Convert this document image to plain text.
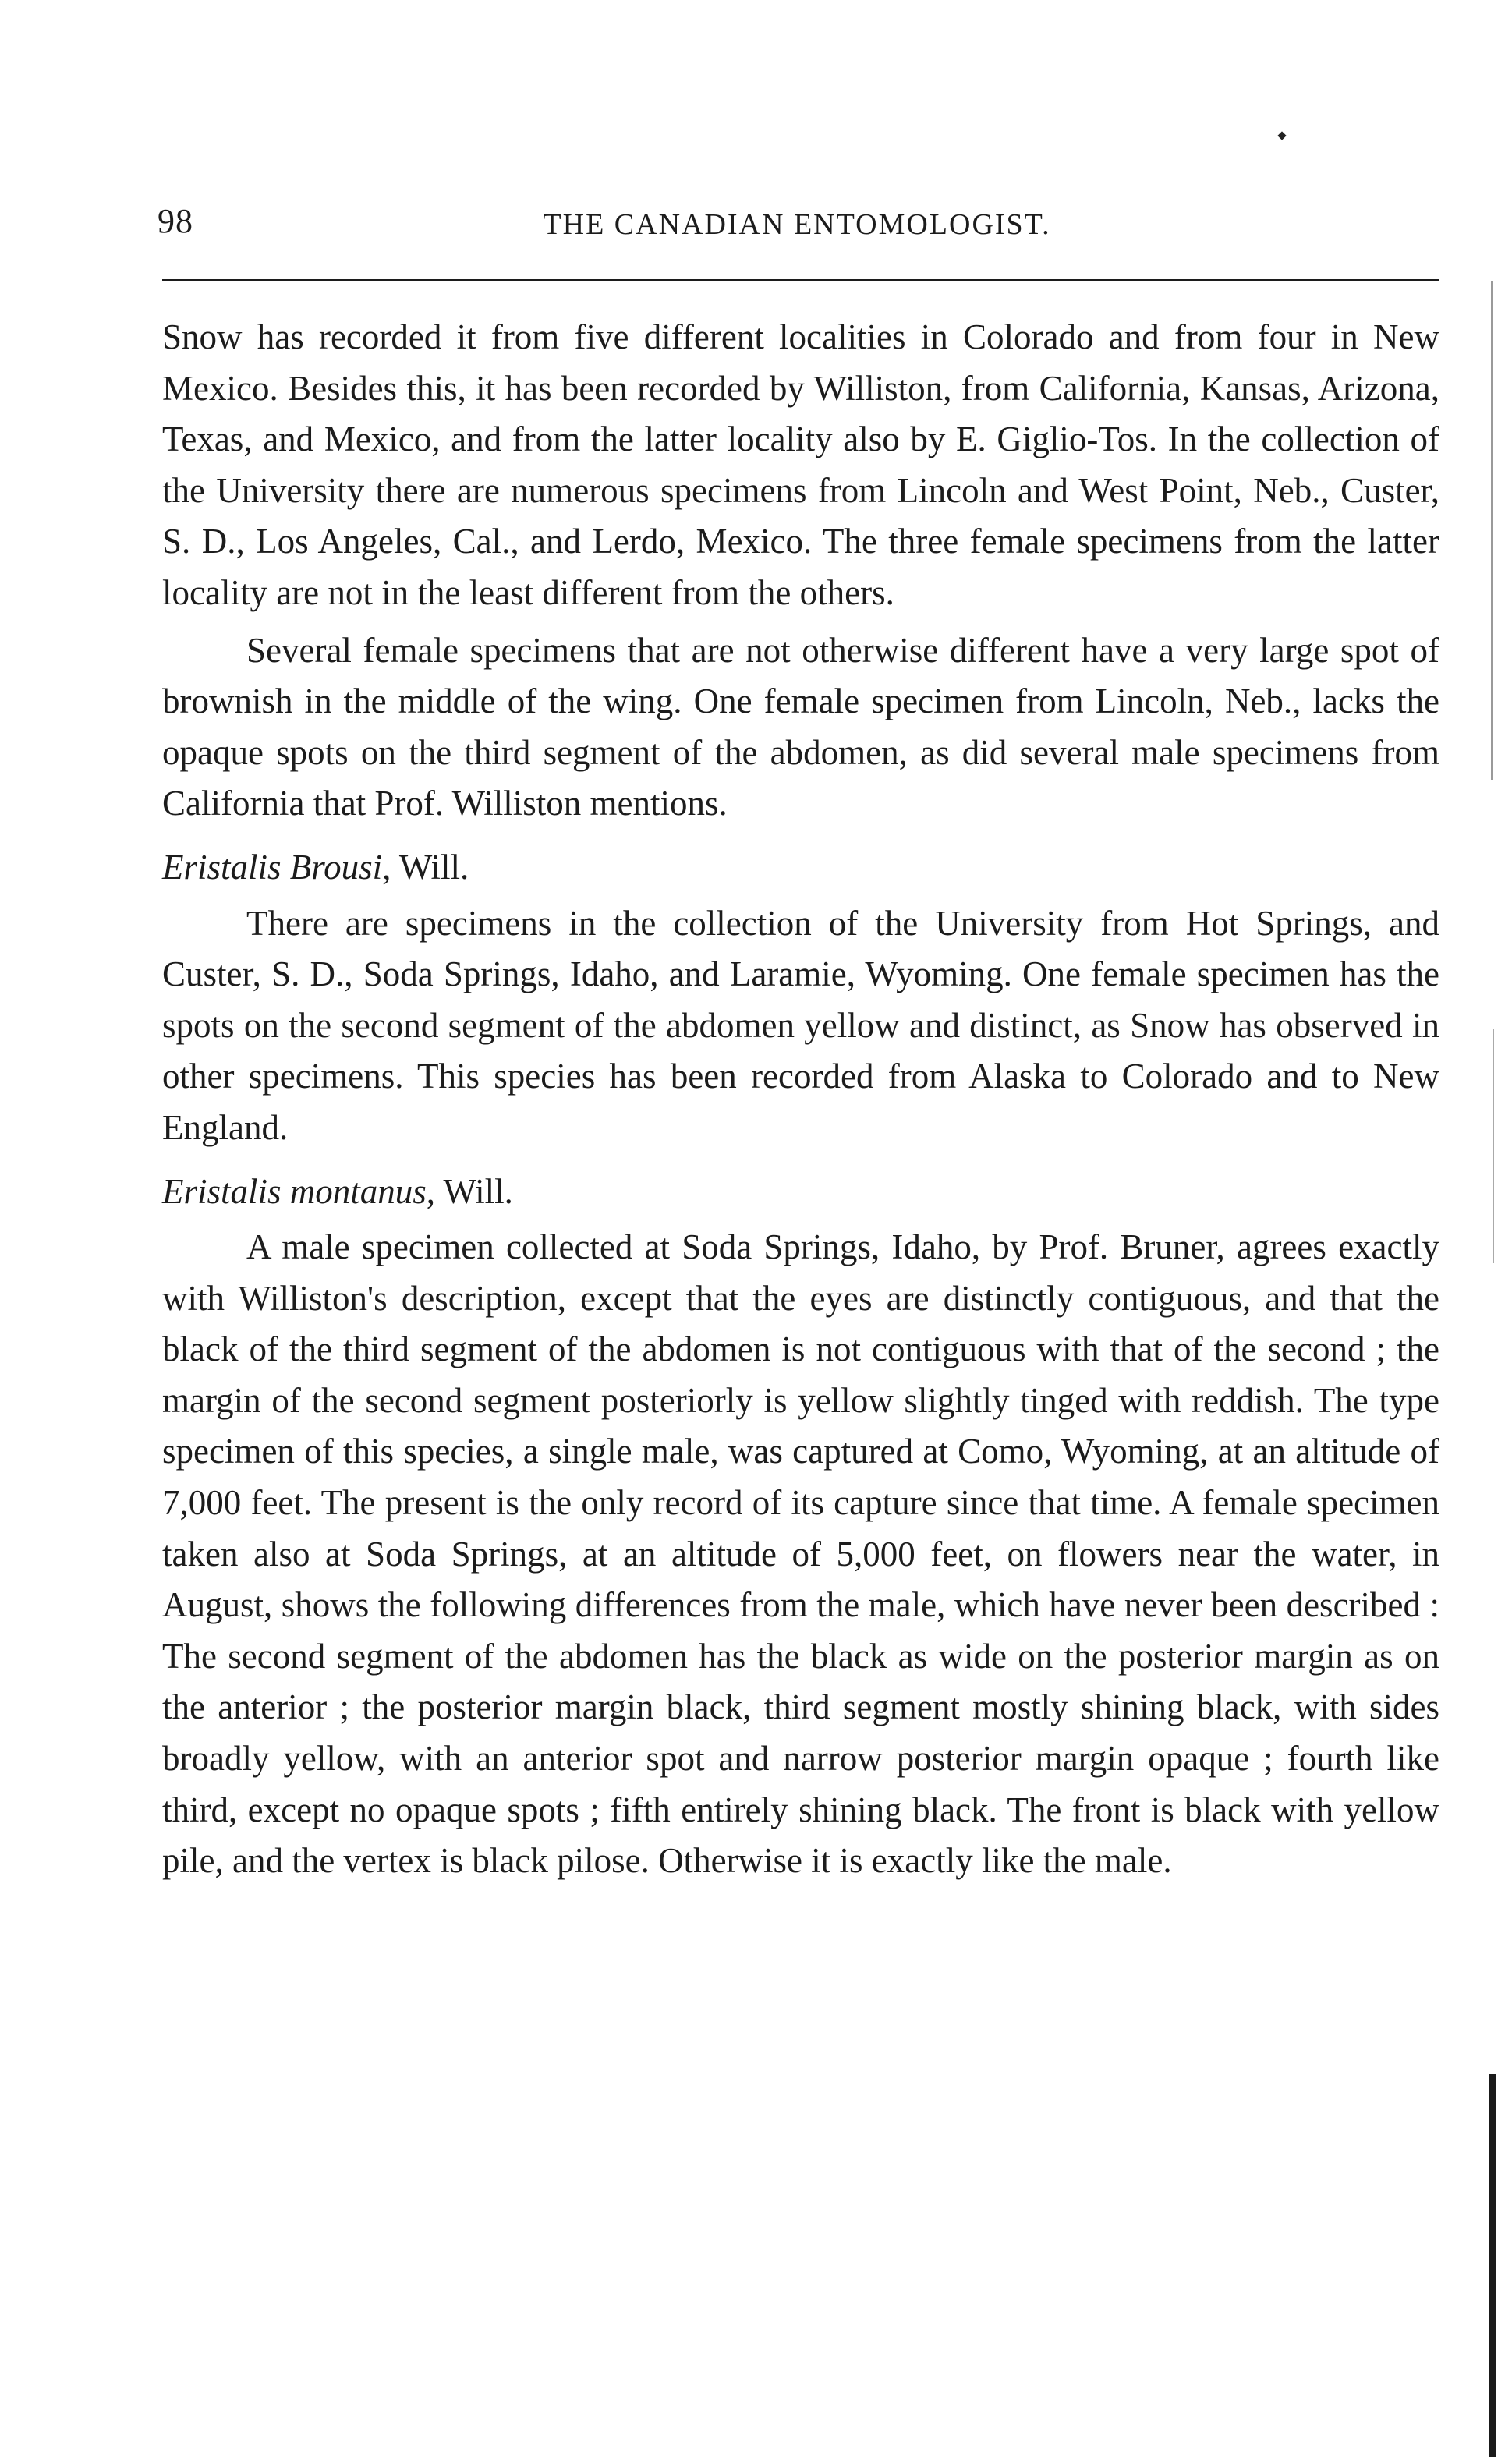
98	THE CANADIAN ENTOMOLOGIST.

Snow has recorded it from five different localities in Colorado and from four in New Mexico. Besides this, it has been recorded by Williston, from California, Kansas, Arizona, Texas, and Mexico, and from the latter locality also by E. Giglio-Tos. In the collection of the University there are numerous specimens from Lincoln and West Point, Neb., Custer, S. D., Los Angeles, Cal., and Lerdo, Mexico. The three female specimens from the latter locality are not in the least different from the others.

Several female specimens that are not otherwise different have a very large spot of brownish in the middle of the wing. One female specimen from Lincoln, Neb., lacks the opaque spots on the third segment of the abdomen, as did several male specimens from California that Prof. Williston mentions.

Eristalis Brousi, Will.

There are specimens in the collection of the University from Hot Springs, and Custer, S. D., Soda Springs, Idaho, and Laramie, Wyoming. One female specimen has the spots on the second segment of the abdomen yellow and distinct, as Snow has observed in other specimens. This species has been recorded from Alaska to Colorado and to New England.

Eristalis montanus, Will.

A male specimen collected at Soda Springs, Idaho, by Prof. Bruner, agrees exactly with Williston's description, except that the eyes are distinctly contiguous, and that the black of the third segment of the abdomen is not contiguous with that of the second ; the margin of the second segment posteriorly is yellow slightly tinged with reddish. The type specimen of this species, a single male, was captured at Como, Wyoming, at an altitude of 7,000 feet. The present is the only record of its capture since that time. A female specimen taken also at Soda Springs, at an altitude of 5,000 feet, on flowers near the water, in August, shows the following differences from the male, which have never been described : The second segment of the abdomen has the black as wide on the posterior margin as on the anterior ; the posterior margin black, third segment mostly shining black, with sides broadly yellow, with an anterior spot and narrow posterior margin opaque ; fourth like third, except no opaque spots ; fifth entirely shining black. The front is black with yellow pile, and the vertex is black pilose. Otherwise it is exactly like the male.
